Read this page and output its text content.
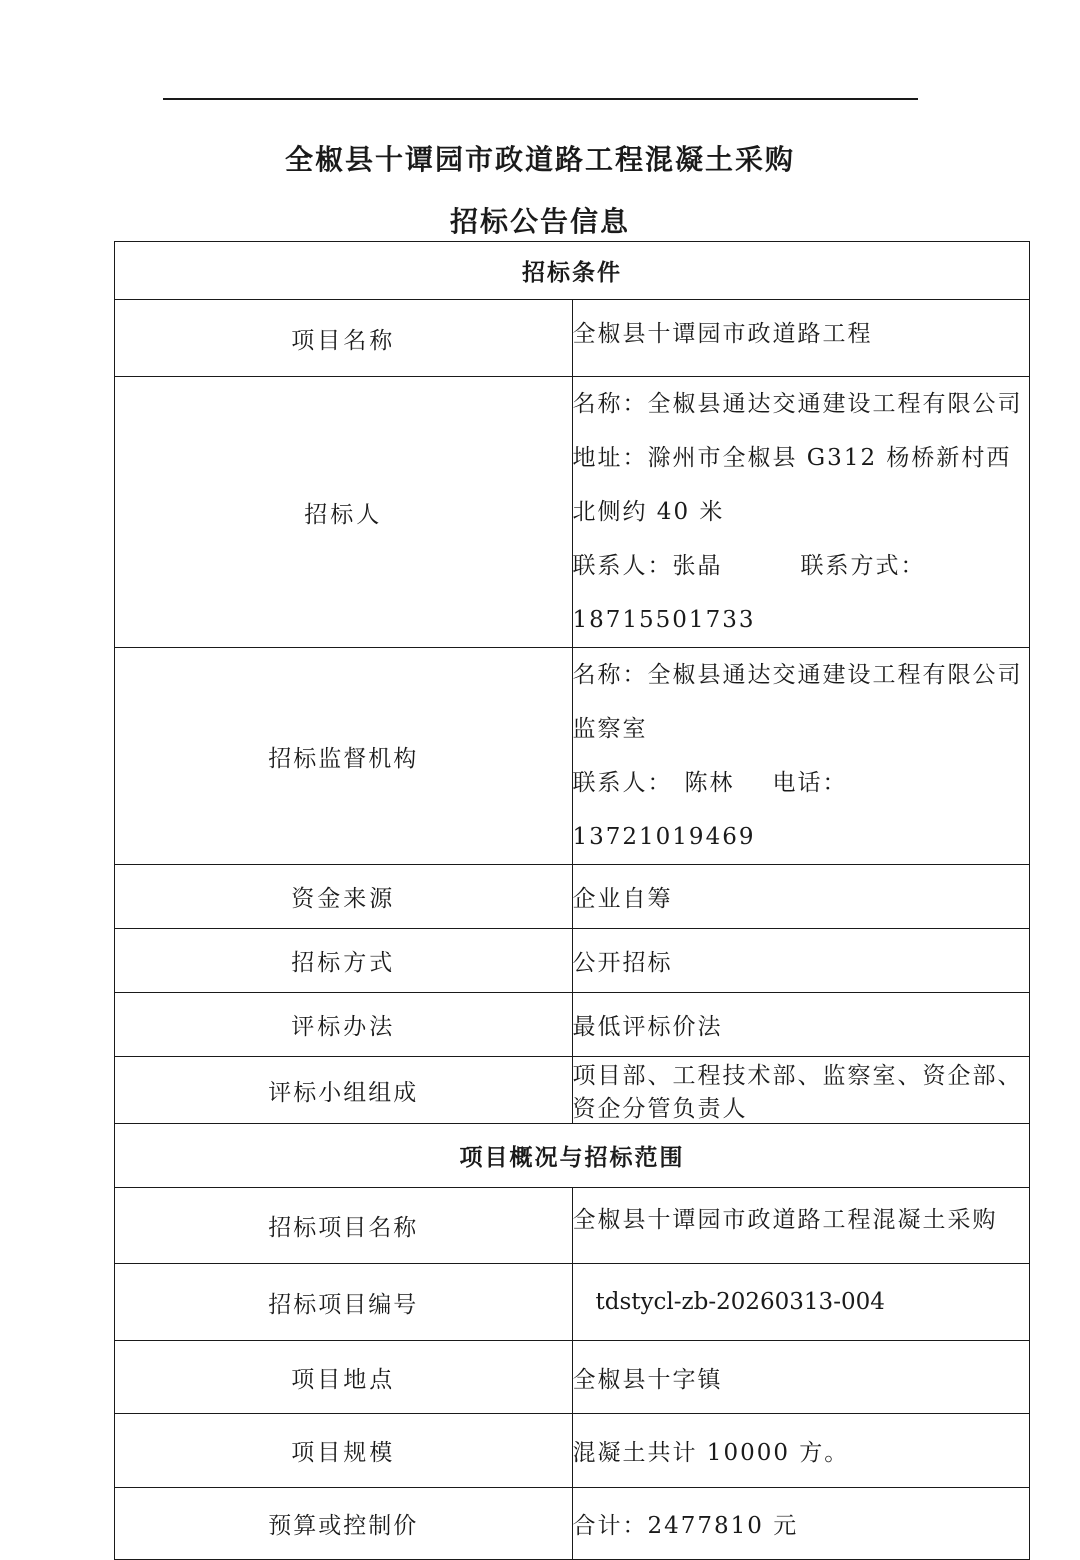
全椒县十谭园市政道路工程混凝土采购
招标公告信息
招标条件	
项目名称	全椒县十谭园市政道路工程

招标人	名称：全椒县通达交通建设工程有限公司
地址：滁州市全椒县 G312 杨桥新村西北侧约 40 米
联系人：张晶 联系方式：18715501733

招标监督机构	名称：全椒县通达交通建设工程有限公司监察室
联系人： 陈林 电话：13721019469

资金来源	企业自筹
招标方式	公开招标
评标办法	最低评标价法
评标小组组成	项目部、工程技术部、监察室、资企部、资企分管负责人
项目概况与招标范围	
招标项目名称	全椒县十谭园市政道路工程混凝土采购

招标项目编号	tdstycl-zb-20260313-004
项目地点	全椒县十字镇
项目规模	混凝土共计 10000 方。
预算或控制价	合计：2477810 元
